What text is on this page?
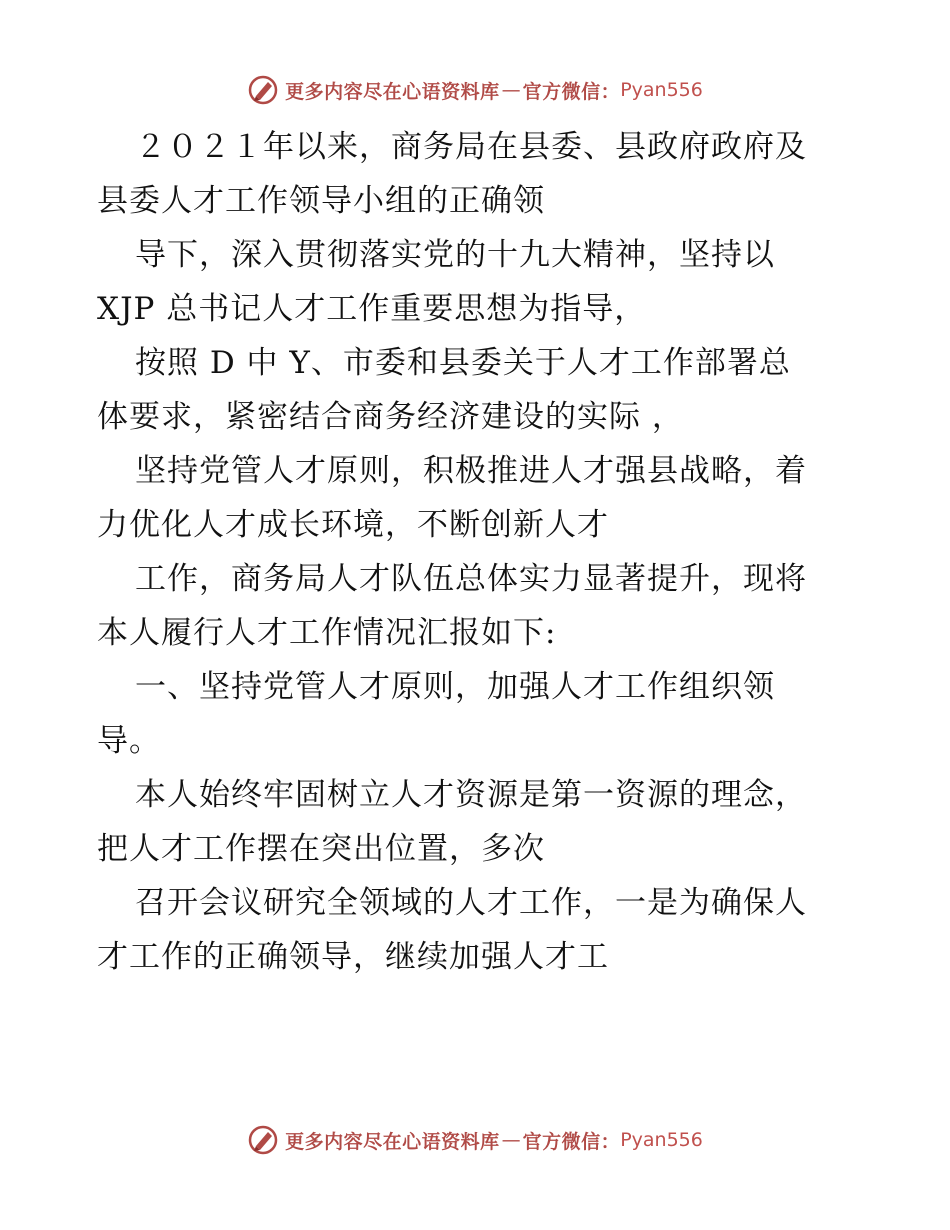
更多内容尽在心语资料库 — 官方微信： Pyan556
２０２１年以来，商务局在县委、县政府政府及
县委人才工作领导小组的正确领
导下，深入贯彻落实党的十九大精神，坚持以
XJP 总书记人才工作重要思想为指导，
按照 D 中 Y、市委和县委关于人才工作部署总
体要求，紧密结合商务经济建设的实际 ，
坚持党管人才原则，积极推进人才强县战略，着
力优化人才成长环境，不断创新人才
工作，商务局人才队伍总体实力显著提升，现将
本人履行人才工作情况汇报如下:
一、坚持党管人才原则，加强人才工作组织领
导。
本人始终牢固树立人才资源是第一资源的理念，
把人才工作摆在突出位置，多次
召开会议研究全领域的人才工作，一是为确保人
才工作的正确领导，继续加强人才工
更多内容尽在心语资料库 — 官方微信： Pyan556
